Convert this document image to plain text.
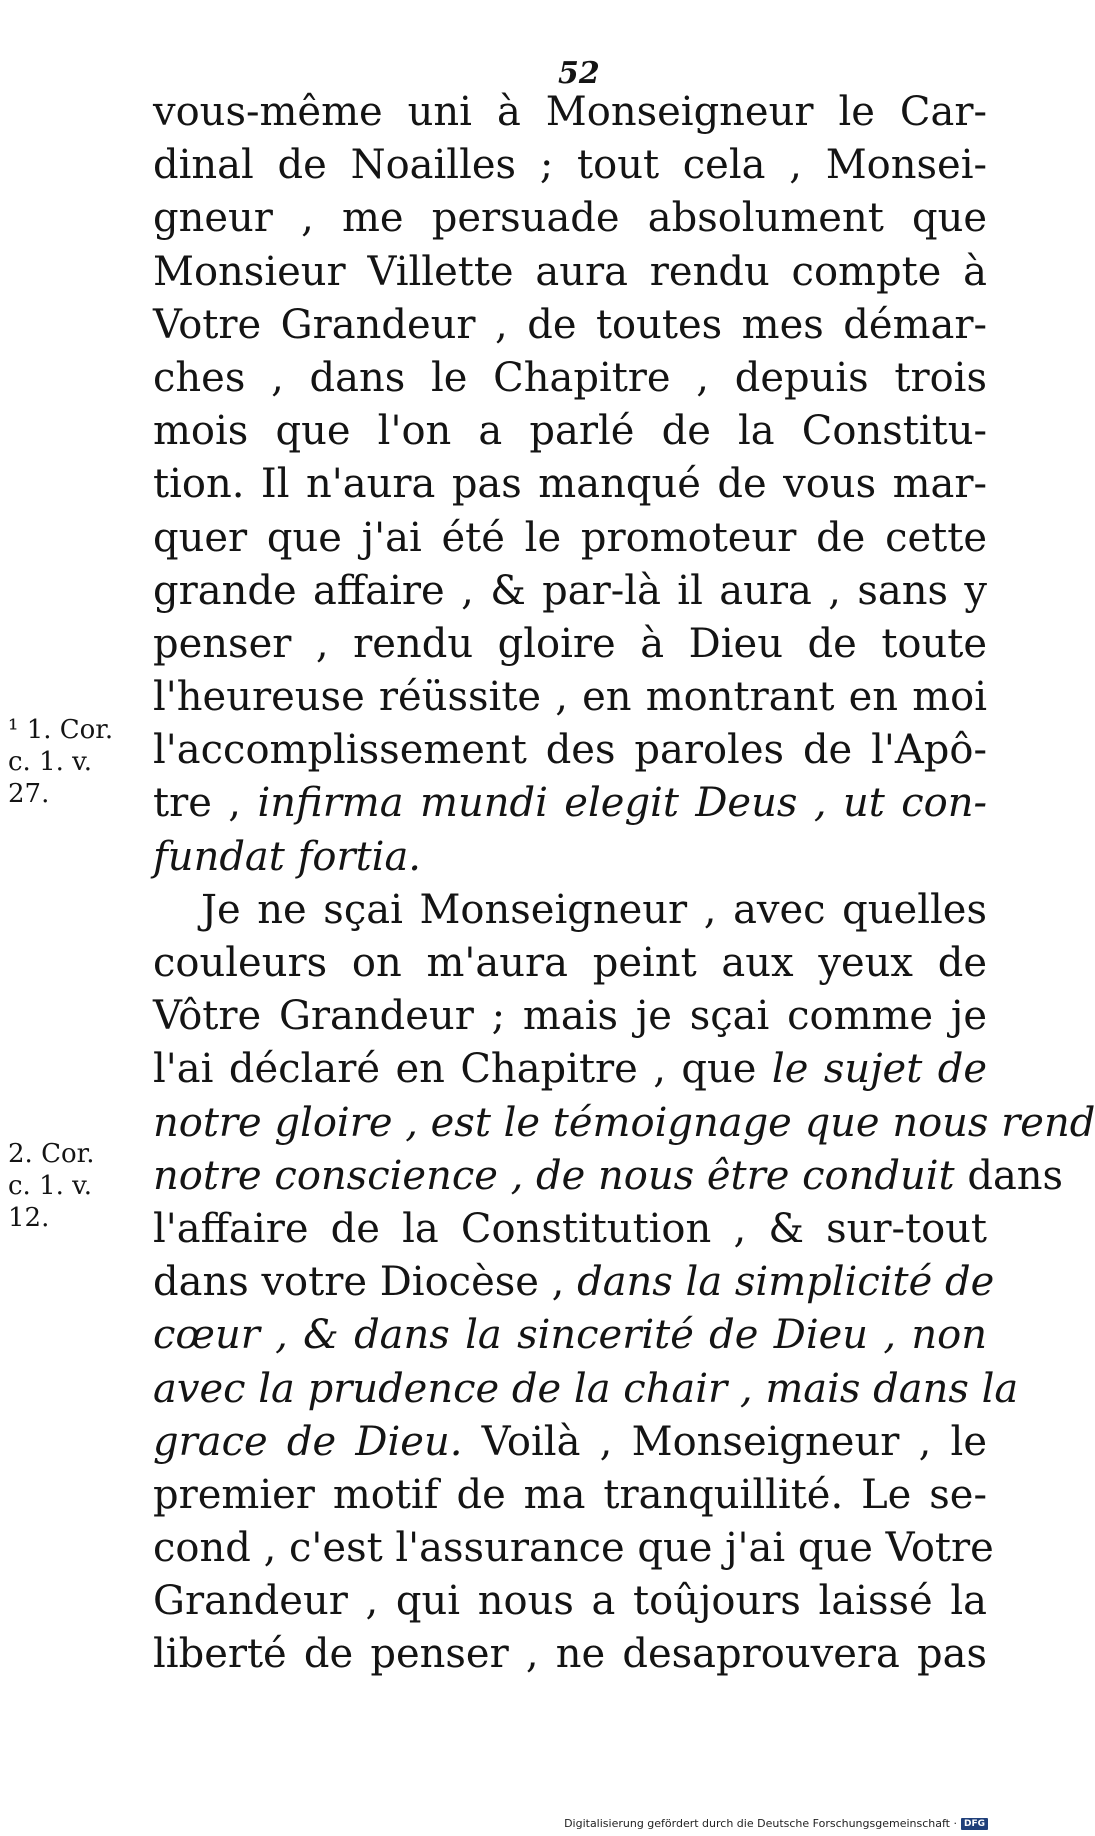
52
vous-même uni à Monseigneur le Car-
dinal de Noailles ; tout cela , Monsei-
gneur , me persuade absolument que
Monsieur Villette aura rendu compte à
Votre Grandeur , de toutes mes démar-
ches , dans le Chapitre , depuis trois
mois que l'on a parlé de la Constitu-
tion. Il n'aura pas manqué de vous mar-
quer que j'ai été le promoteur de cette
grande affaire , & par-là il aura , sans y
penser , rendu gloire à Dieu de toute
l'heureuse réüssite , en montrant en moi
l'accomplissement des paroles de l'Apô-
tre , infirma mundi elegit Deus , ut con-
fundat fortia.
Je ne sçai Monseigneur , avec quelles
couleurs on m'aura peint aux yeux de
Vôtre Grandeur ; mais je sçai comme je
l'ai déclaré en Chapitre , que le sujet de
notre gloire , est le témoignage que nous rend
notre conscience , de nous être conduit dans
l'affaire de la Constitution , & sur-tout
dans votre Diocèse , dans la simplicité de
cœur , & dans la sincerité de Dieu , non
avec la prudence de la chair , mais dans la
grace de Dieu. Voilà , Monseigneur , le
premier motif de ma tranquillité. Le se-
cond , c'est l'assurance que j'ai que Votre
Grandeur , qui nous a toûjours laissé la
liberté de penser , ne desaprouvera pas
¹ 1. Cor.
c. 1. v.
27.
2. Cor.
c. 1. v.
12.
Digitalisierung gefördert durch die Deutsche Forschungsgemeinschaft · DFG
